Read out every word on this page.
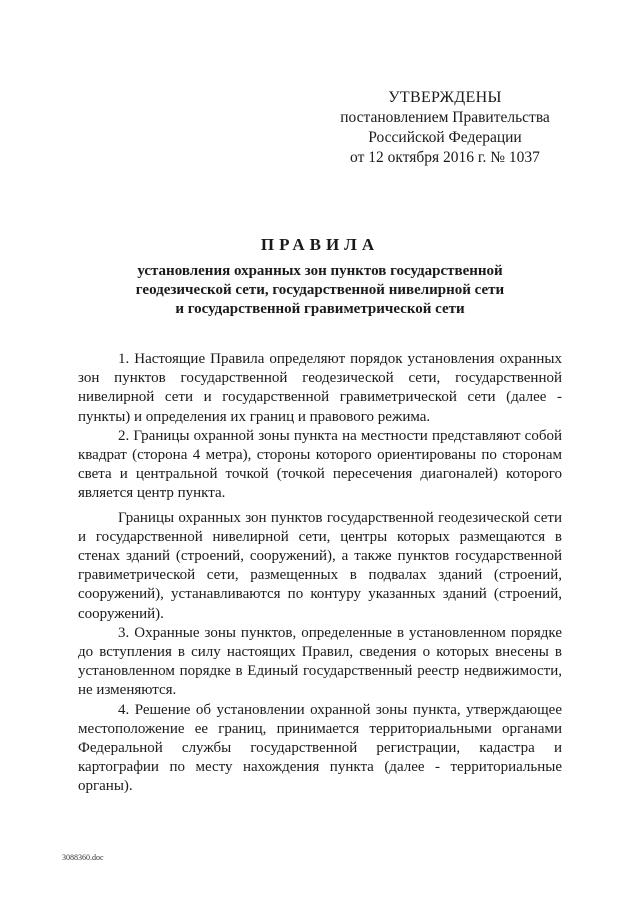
УТВЕРЖДЕНЫ
постановлением Правительства
Российской Федерации
от 12 октября 2016 г. № 1037
ПРАВИЛА
установления охранных зон пунктов государственной
геодезической сети, государственной нивелирной сети
и государственной гравиметрической сети

1. Настоящие Правила определяют порядок установления охранных зон пунктов государственной геодезической сети, государственной нивелирной сети и государственной гравиметрической сети (далее - пункты) и определения их границ и правового режима.

2. Границы охранной зоны пункта на местности представляют собой квадрат (сторона 4 метра), стороны которого ориентированы по сторонам света и центральной точкой (точкой пересечения диагоналей) которого является центр пункта.

Границы охранных зон пунктов государственной геодезической сети и государственной нивелирной сети, центры которых размещаются в стенах зданий (строений, сооружений), а также пунктов государственной гравиметрической сети, размещенных в подвалах зданий (строений, сооружений), устанавливаются по контуру указанных зданий (строений, сооружений).

3. Охранные зоны пунктов, определенные в установленном порядке до вступления в силу настоящих Правил, сведения о которых внесены в установленном порядке в Единый государственный реестр недвижимости, не изменяются.

4. Решение об установлении охранной зоны пункта, утверждающее местоположение ее границ, принимается территориальными органами Федеральной службы государственной регистрации, кадастра и картографии по месту нахождения пункта (далее - территориальные органы).

3088360.doc
